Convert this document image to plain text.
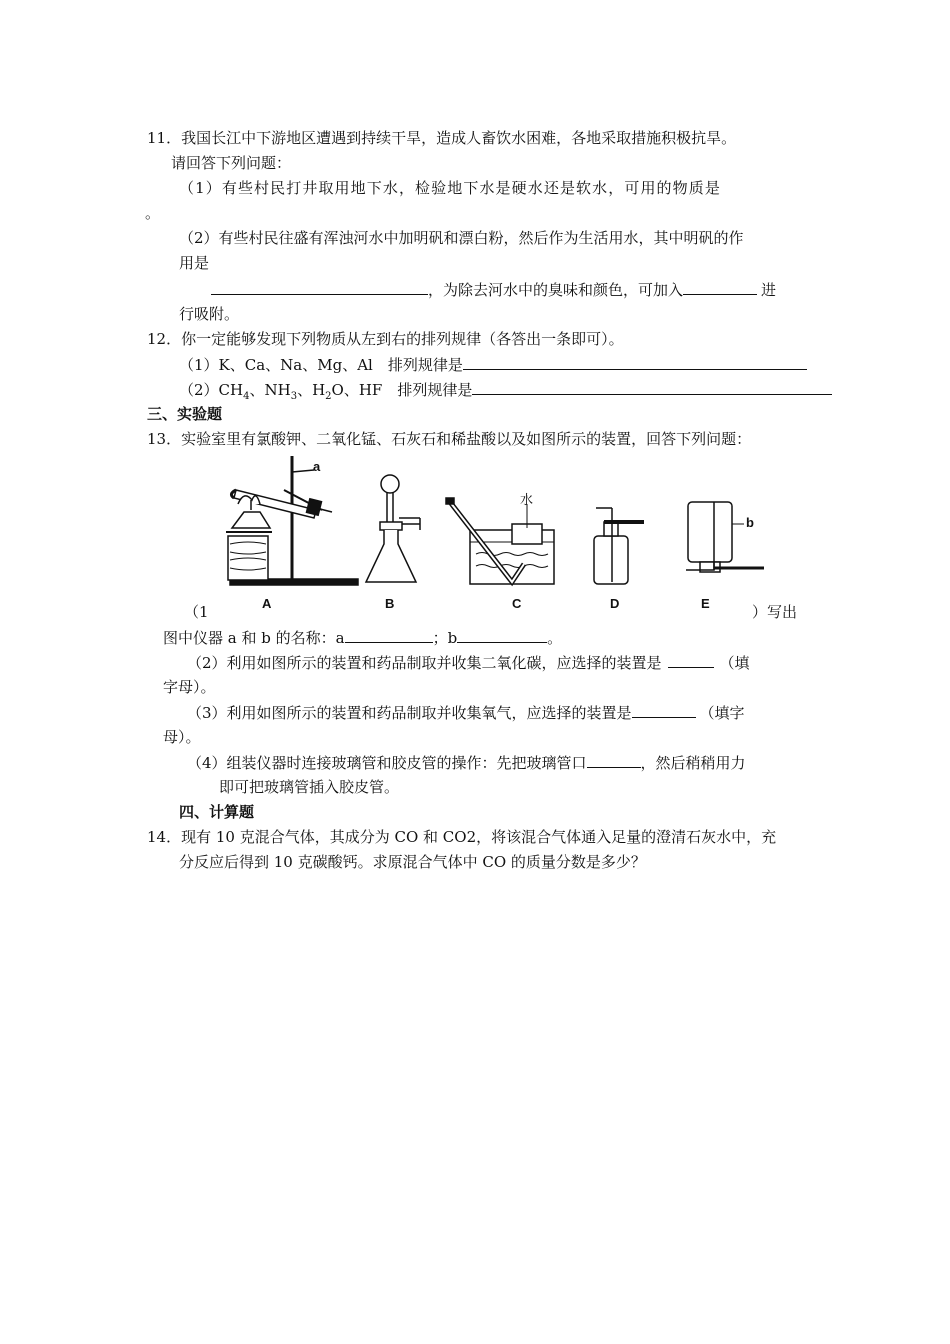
11．我国长江中下游地区遭遇到持续干旱，造成人畜饮水困难，各地采取措施积极抗旱。
请回答下列问题：
（1）有些村民打井取用地下水，检验地下水是硬水还是软水，可用的物质是
。
（2）有些村民往盛有浑浊河水中加明矾和漂白粉，然后作为生活用水，其中明矾的作
用是
，为除去河水中的臭味和颜色，可加入	进
行吸附。
12．你一定能够发现下列物质从左到右的排列规律（各答出一条即可）。
（1）K、Ca、Na、Mg、Al　排列规律是
$(2)CH_4$、$NH_3$、$H_2O$、HF　排列规律是
三、实验题
13．实验室里有氯酸钾、二氧化锰、石灰石和稀盐酸以及如图所示的装置，回答下列问题：
a
b
水
A	B	C	D	E
（1	）写出
图中仪器 a 和 b 的名称：a	；b	。
（2）利用如图所示的装置和药品制取并收集二氧化碳，应选择的装置是	（填
字母）。
（3）利用如图所示的装置和药品制取并收集氧气，应选择的装置是	（填字
母）。
（4）组装仪器时连接玻璃管和胶皮管的操作：先把玻璃管口	，然后稍稍用力
即可把玻璃管插入胶皮管。
四、计算题
14．现有 10 克混合气体，其成分为 CO 和 CO2，将该混合气体通入足量的澄清石灰水中，充
分反应后得到 10 克碳酸钙。求原混合气体中 CO 的质量分数是多少？
